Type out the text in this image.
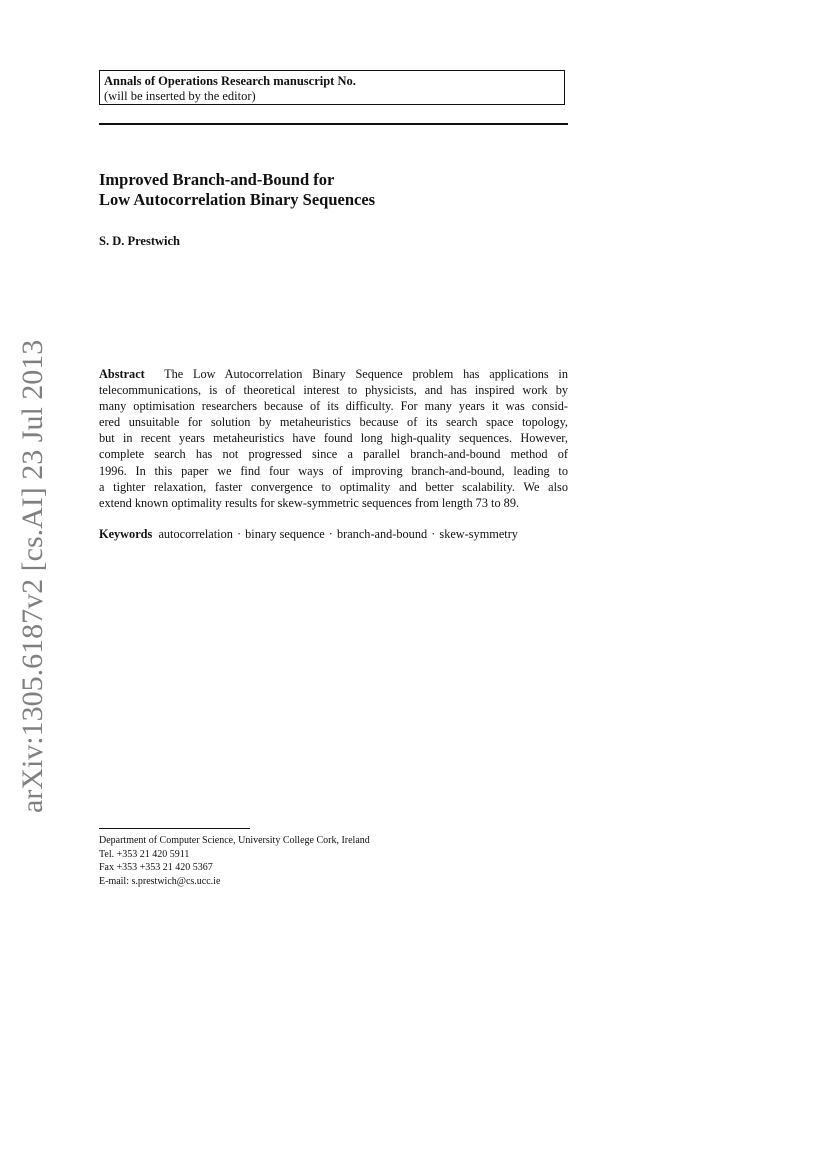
Annals of Operations Research manuscript No.
(will be inserted by the editor)
Improved Branch-and-Bound for
Low Autocorrelation Binary Sequences
S. D. Prestwich
arXiv:1305.6187v2 [cs.AI] 23 Jul 2013	Abstract The Low Autocorrelation Binary Sequence problem has applications in
telecommunications, is of theoretical interest to physicists, and has inspired work by
many optimisation researchers because of its difficulty. For many years it was consid-
ered unsuitable for solution by metaheuristics because of its search space topology,
but in recent years metaheuristics have found long high-quality sequences. However,
complete search has not progressed since a parallel branch-and-bound method of
1996. In this paper we find four ways of improving branch-and-bound, leading to
a tighter relaxation, faster convergence to optimality and better scalability. We also
extend known optimality results for skew-symmetric sequences from length 73 to 89.
Keywords autocorrelation · binary sequence · branch-and-bound · skew-symmetry
Department of Computer Science, University College Cork, Ireland
Tel. +353 21 420 5911
Fax +353 +353 21 420 5367
E-mail: s.prestwich@cs.ucc.ie
